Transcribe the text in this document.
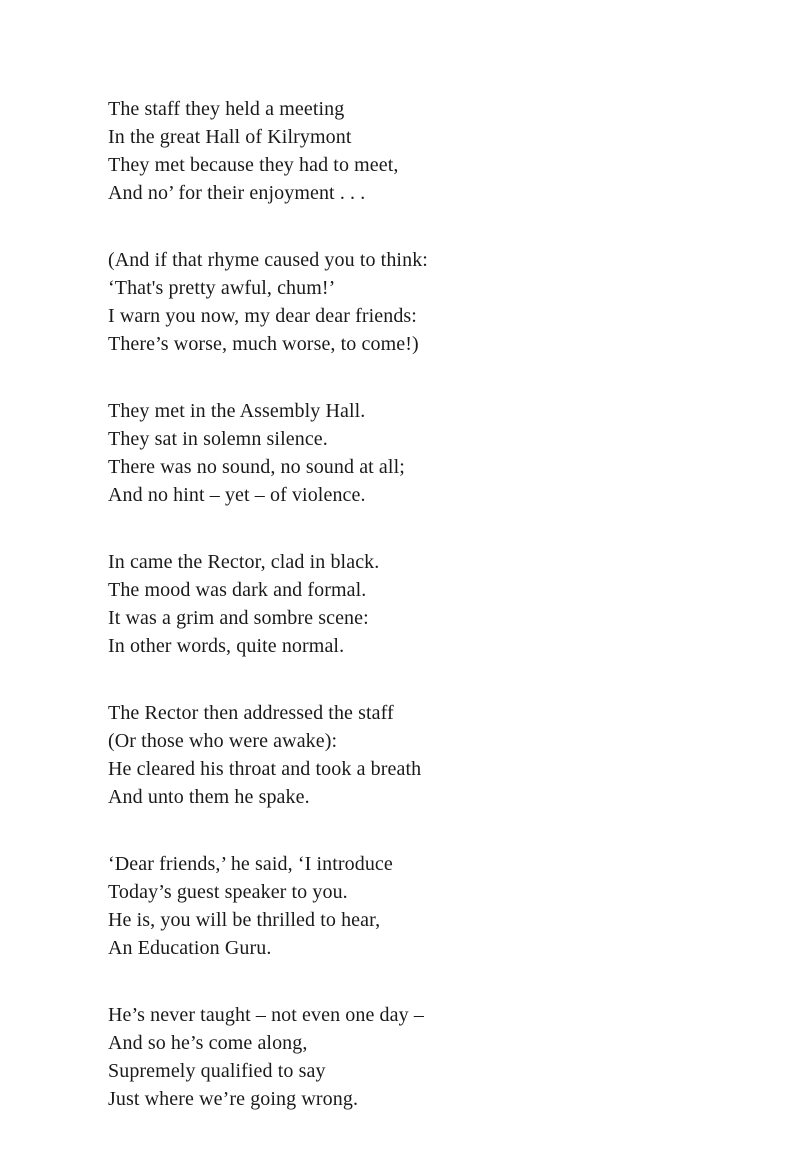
The staff they held a meeting
In the great Hall of Kilrymont
They met because they had to meet,
And no’ for their enjoyment . . .
(And if that rhyme caused you to think:
‘That's pretty awful, chum!’
I warn you now, my dear dear friends:
There’s worse, much worse, to come!)
They met in the Assembly Hall.
They sat in solemn silence.
There was no sound, no sound at all;
And no hint – yet – of violence.
In came the Rector, clad in black.
The mood was dark and formal.
It was a grim and sombre scene:
In other words, quite normal.
The Rector then addressed the staff
(Or those who were awake):
He cleared his throat and took a breath
And unto them he spake.
‘Dear friends,’ he said, ‘I introduce
Today’s guest speaker to you.
He is, you will be thrilled to hear,
An Education Guru.
He’s never taught – not even one day –
And so he’s come along,
Supremely qualified to say
Just where we’re going wrong.
